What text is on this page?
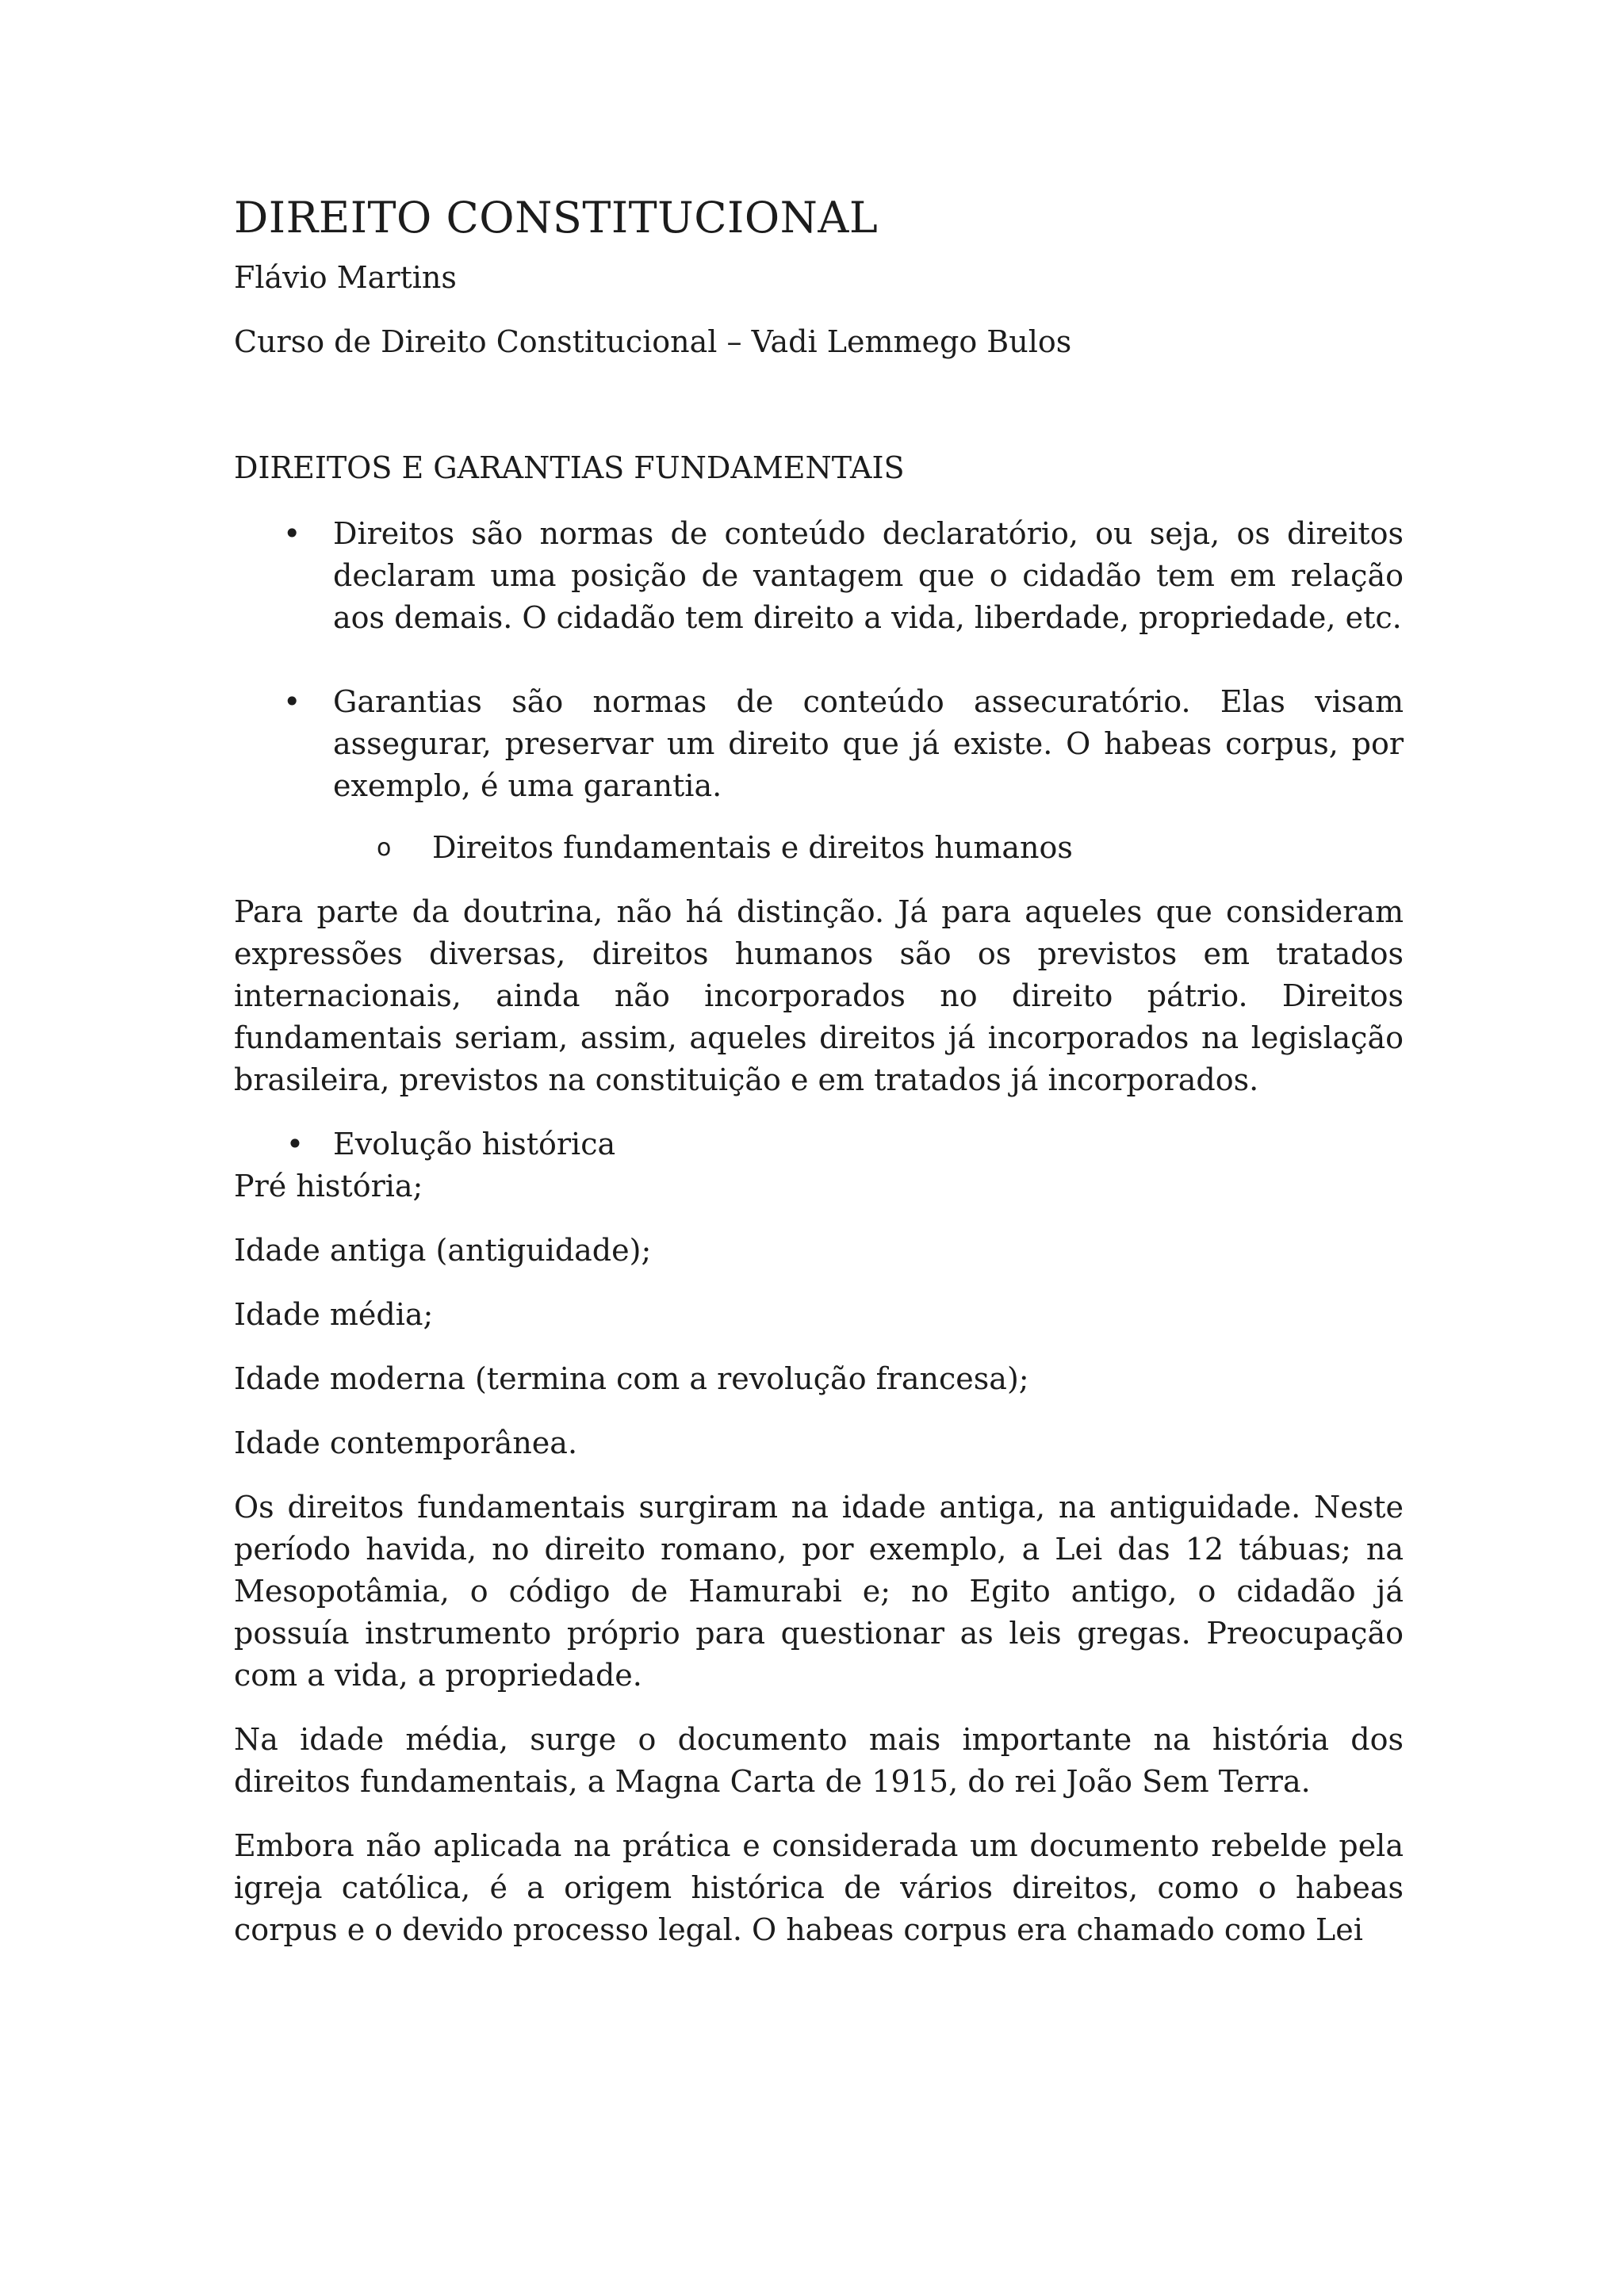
DIREITO CONSTITUCIONAL

Flávio Martins

Curso de Direito Constitucional – Vadi Lemmego Bulos

DIREITOS E GARANTIAS FUNDAMENTAIS

• Direitos são normas de conteúdo declaratório, ou seja, os direitos declaram uma posição de vantagem que o cidadão tem em relação aos demais. O cidadão tem direito a vida, liberdade, propriedade, etc.
• Garantias são normas de conteúdo assecuratório. Elas visam assegurar, preservar um direito que já existe. O habeas corpus, por exemplo, é uma garantia.
o Direitos fundamentais e direitos humanos

Para parte da doutrina, não há distinção. Já para aqueles que consideram expressões diversas, direitos humanos são os previstos em tratados internacionais, ainda não incorporados no direito pátrio. Direitos fundamentais seriam, assim, aqueles direitos já incorporados na legislação brasileira, previstos na constituição e em tratados já incorporados.

• Evolução histórica

Pré história;

Idade antiga (antiguidade);

Idade média;

Idade moderna (termina com a revolução francesa);

Idade contemporânea.

Os direitos fundamentais surgiram na idade antiga, na antiguidade. Neste período havida, no direito romano, por exemplo, a Lei das 12 tábuas; na Mesopotâmia, o código de Hamurabi e; no Egito antigo, o cidadão já possuía instrumento próprio para questionar as leis gregas. Preocupação com a vida, a propriedade.

Na idade média, surge o documento mais importante na história dos direitos fundamentais, a Magna Carta de 1915, do rei João Sem Terra.

Embora não aplicada na prática e considerada um documento rebelde pela igreja católica, é a origem histórica de vários direitos, como o habeas corpus e o devido processo legal. O habeas corpus era chamado como Lei
